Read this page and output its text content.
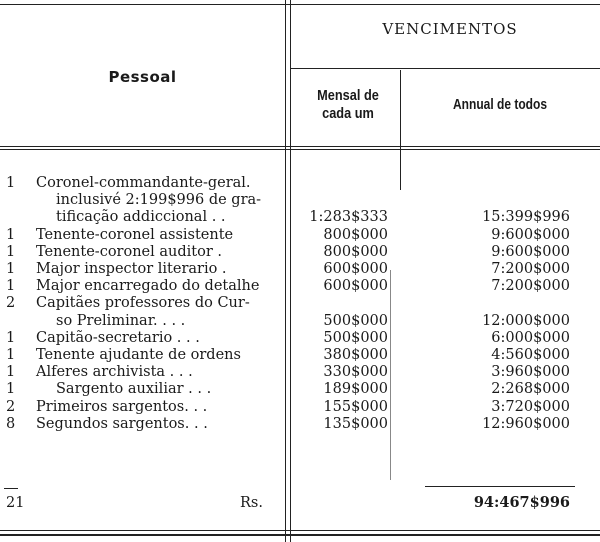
VENCIMENTOS
Pessoal
Mensal de cada um
Annual de todos
1	Coronel-commandante-geral.
inclusivé 2:199$996 de gra-
tificação addiccional . .	1:283$333	15:399$996
1	Tenente-coronel assistente	800$000	9:600$000
1	Tenente-coronel auditor .	800$000	9:600$000
1	Major inspector literario .	600$000	7:200$000
1	Major encarregado do detalhe	600$000	7:200$000
2	Capitães professores do Cur-
so Preliminar. . . .	500$000	12:000$000
1	Capitão-secretario . . .	500$000	6:000$000
1	Tenente ajudante de ordens	380$000	4:560$000
1	Alferes archivista . . .	330$000	3:960$000
1	Sargento auxiliar . . .	189$000	2:268$000
2	Primeiros sargentos. . .	155$000	3:720$000
8	Segundos sargentos. . .	135$000	12:960$000
21	Rs.	94:467$996
